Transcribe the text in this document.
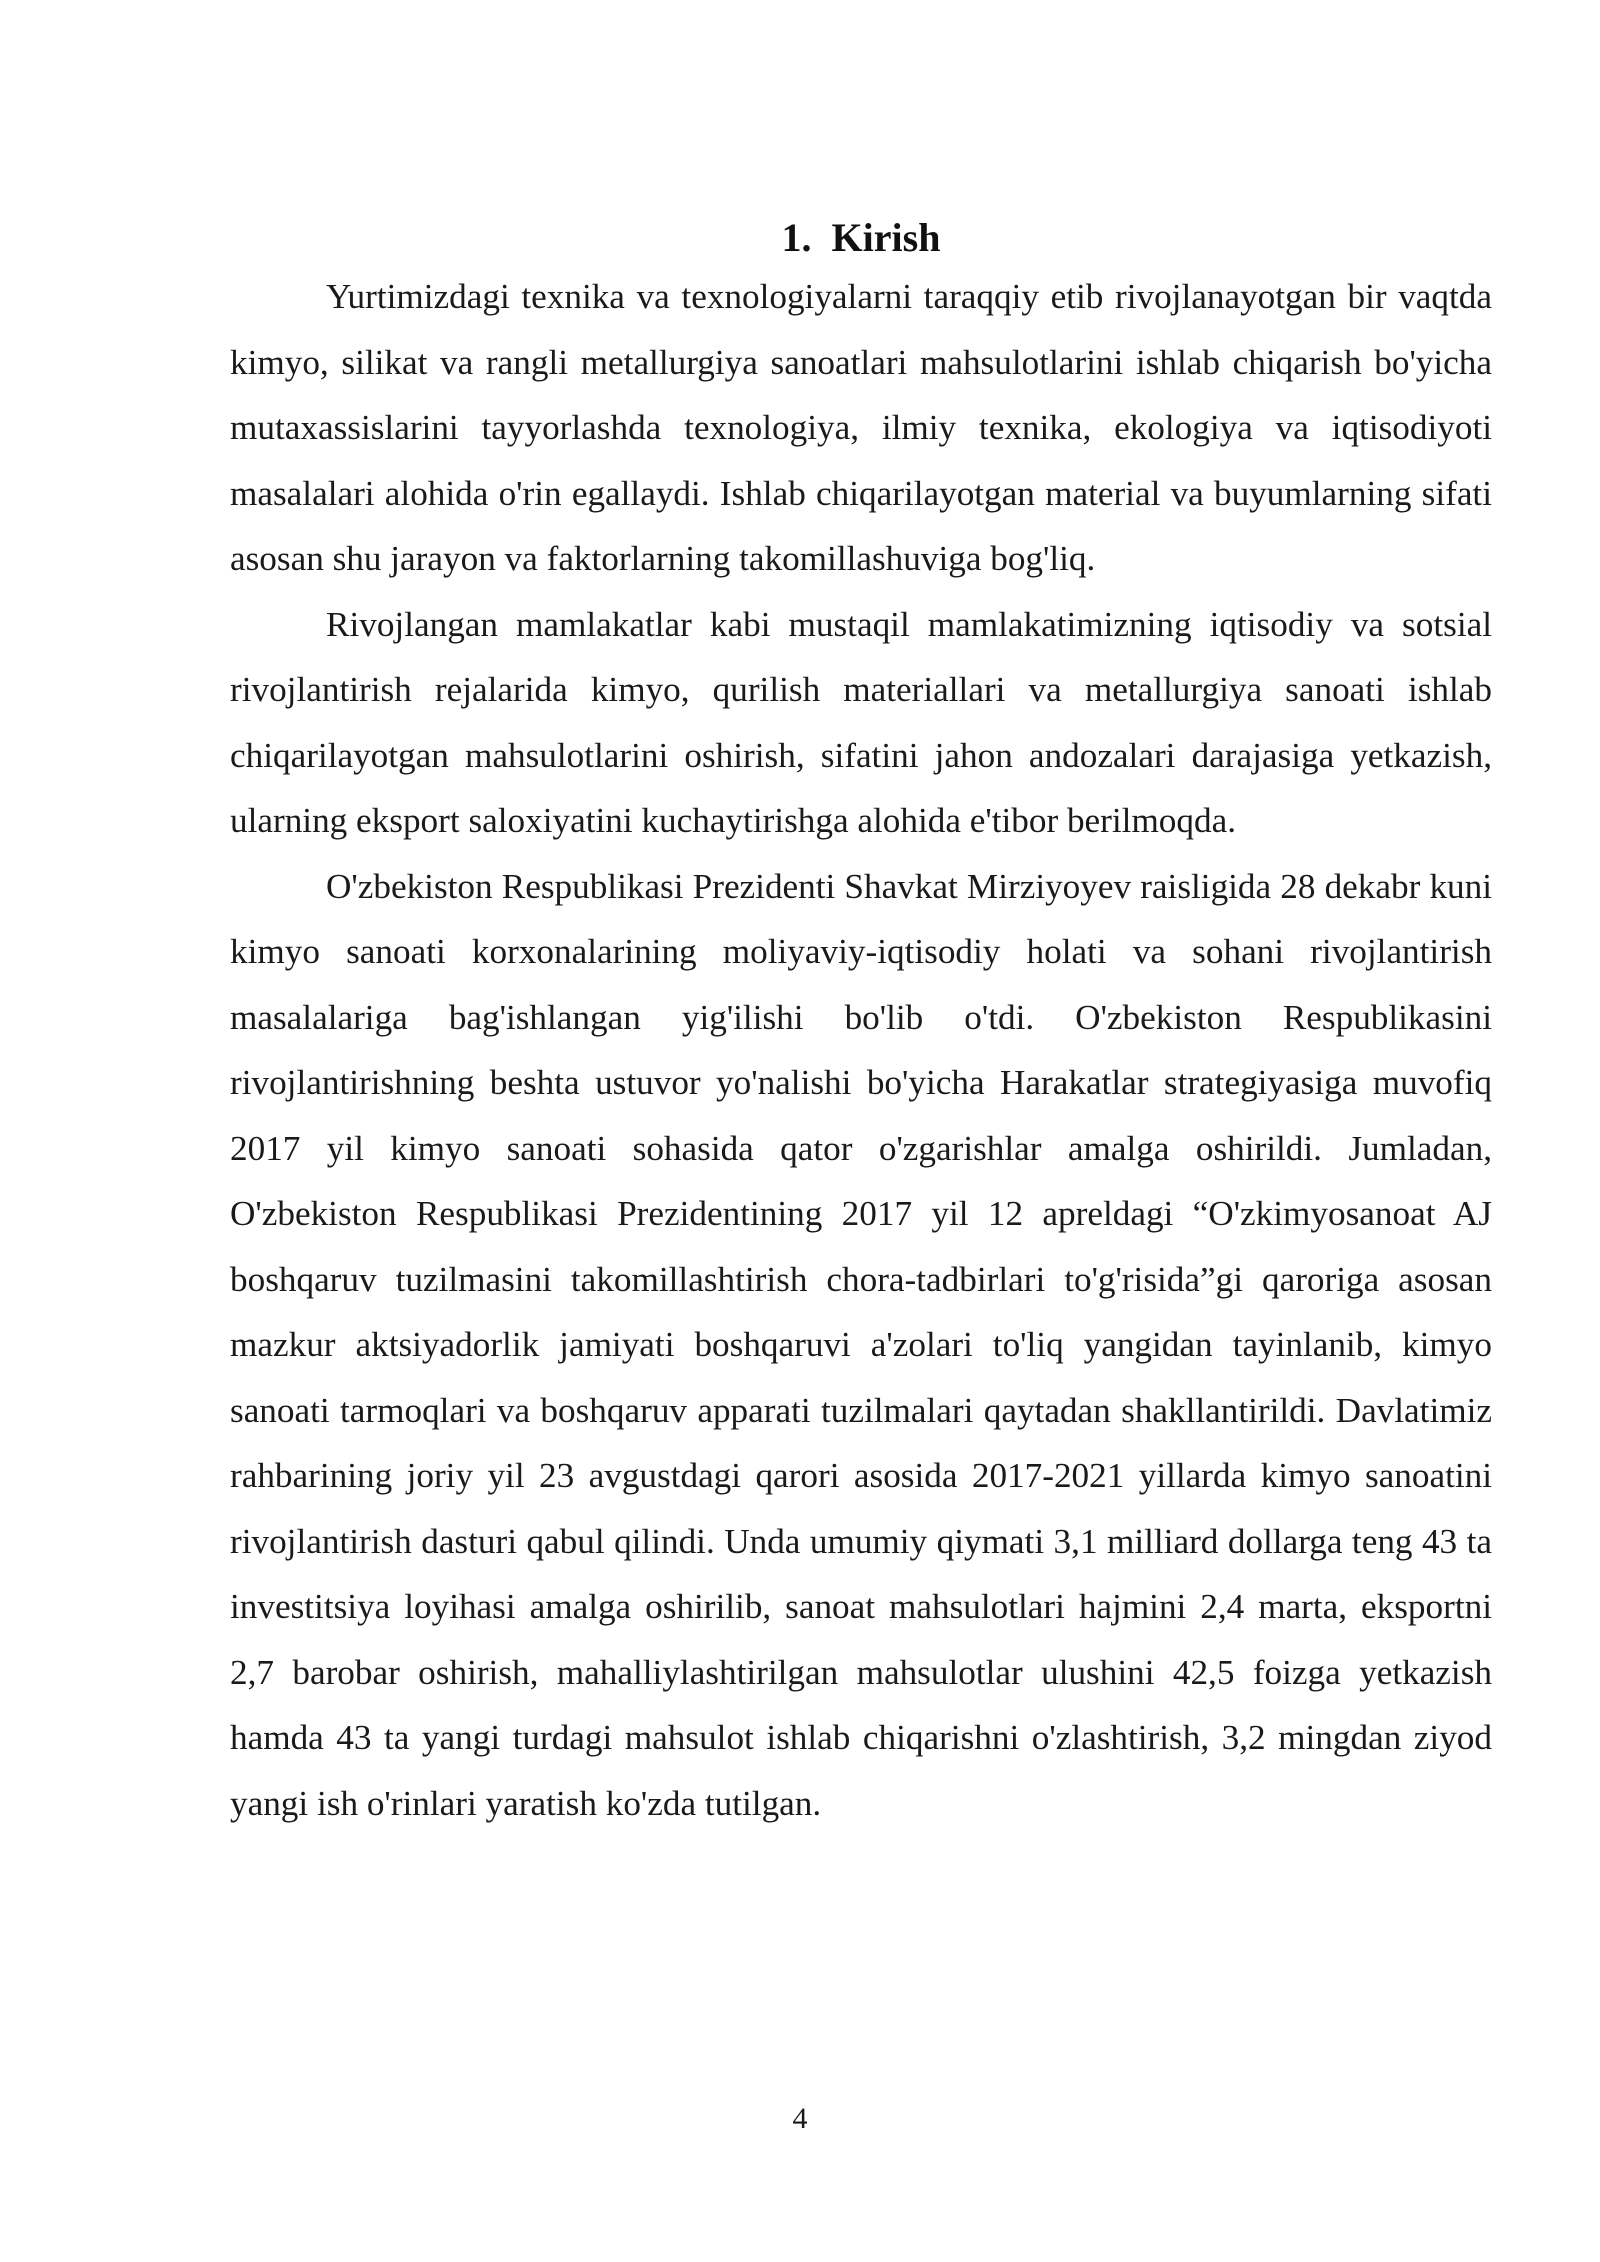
1. Kirish

Yurtimizdagi texnika va texnologiyalarni taraqqiy etib rivojlanayotgan bir vaqtda kimyo, silikat va rangli metallurgiya sanoatlari mahsulotlarini ishlab chiqarish bo'yicha mutaxassislarini tayyorlashda texnologiya, ilmiy texnika, ekologiya va iqtisodiyoti masalalari alohida o'rin egallaydi. Ishlab chiqarilayotgan material va buyumlarning sifati asosan shu jarayon va faktorlarning takomillashuviga bog'liq.

Rivojlangan mamlakatlar kabi mustaqil mamlakatimizning iqtisodiy va sotsial rivojlantirish rejalarida kimyo, qurilish materiallari va metallurgiya sanoati ishlab chiqarilayotgan mahsulotlarini oshirish, sifatini jahon andozalari darajasiga yetkazish, ularning eksport saloxiyatini kuchaytirishga alohida e'tibor berilmoqda.

O'zbekiston Respublikasi Prezidenti Shavkat Mirziyoyev raisligida 28 dekabr kuni kimyo sanoati korxonalarining moliyaviy-iqtisodiy holati va sohani rivojlantirish masalalariga bag'ishlangan yig'ilishi bo'lib o'tdi. O'zbekiston Respublikasini rivojlantirishning beshta ustuvor yo'nalishi bo'yicha Harakatlar strategiyasiga muvofiq 2017 yil kimyo sanoati sohasida qator o'zgarishlar amalga oshirildi. Jumladan, O'zbekiston Respublikasi Prezidentining 2017 yil 12 apreldagi “O'zkimyosanoat AJ boshqaruv tuzilmasini takomillashtirish chora-tadbirlari to'g'risida”gi qaroriga asosan mazkur aktsiyadorlik jamiyati boshqaruvi a'zolari to'liq yangidan tayinlanib, kimyo sanoati tarmoqlari va boshqaruv apparati tuzilmalari qaytadan shakllantirildi. Davlatimiz rahbarining joriy yil 23 avgustdagi qarori asosida 2017-2021 yillarda kimyo sanoatini rivojlantirish dasturi qabul qilindi. Unda umumiy qiymati 3,1 milliard dollarga teng 43 ta investitsiya loyihasi amalga oshirilib, sanoat mahsulotlari hajmini 2,4 marta, eksportni 2,7 barobar oshirish, mahalliylashtirilgan mahsulotlar ulushini 42,5 foizga yetkazish hamda 43 ta yangi turdagi mahsulot ishlab chiqarishni o'zlashtirish, 3,2 mingdan ziyod yangi ish o'rinlari yaratish ko'zda tutilgan.

4
